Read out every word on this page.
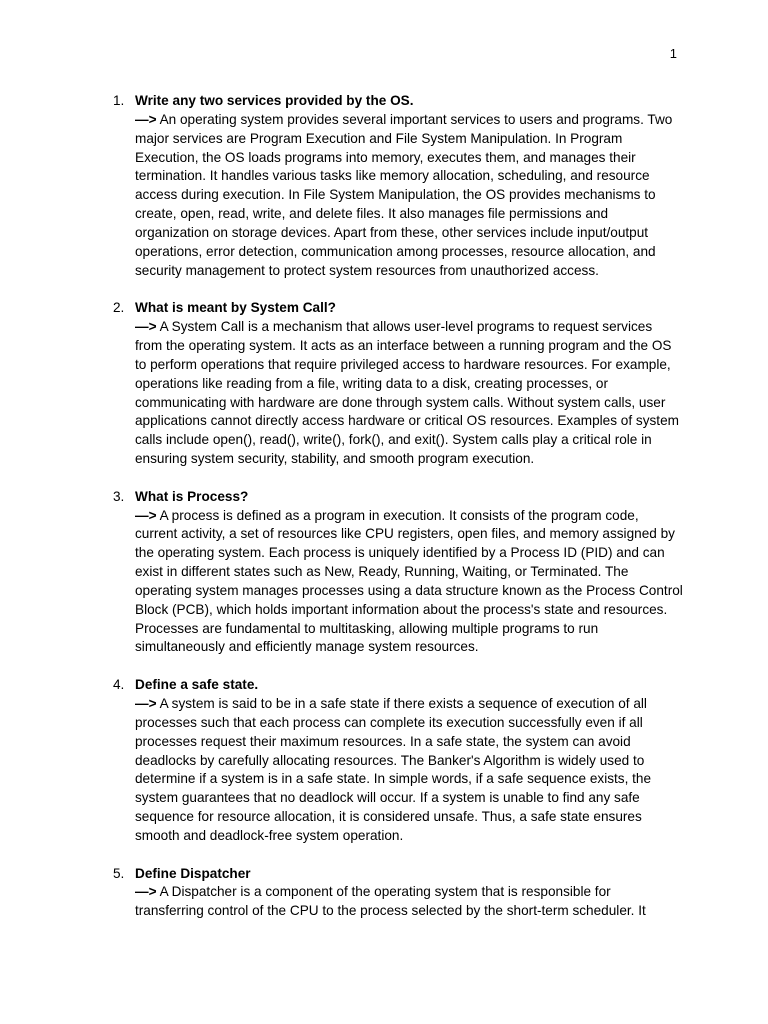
1
1. Write any two services provided by the OS.
—> An operating system provides several important services to users and programs. Two major services are Program Execution and File System Manipulation. In Program Execution, the OS loads programs into memory, executes them, and manages their termination. It handles various tasks like memory allocation, scheduling, and resource access during execution. In File System Manipulation, the OS provides mechanisms to create, open, read, write, and delete files. It also manages file permissions and organization on storage devices. Apart from these, other services include input/output operations, error detection, communication among processes, resource allocation, and security management to protect system resources from unauthorized access.
2. What is meant by System Call?
—> A System Call is a mechanism that allows user-level programs to request services from the operating system. It acts as an interface between a running program and the OS to perform operations that require privileged access to hardware resources. For example, operations like reading from a file, writing data to a disk, creating processes, or communicating with hardware are done through system calls. Without system calls, user applications cannot directly access hardware or critical OS resources. Examples of system calls include open(), read(), write(), fork(), and exit(). System calls play a critical role in ensuring system security, stability, and smooth program execution.
3. What is Process?
—> A process is defined as a program in execution. It consists of the program code, current activity, a set of resources like CPU registers, open files, and memory assigned by the operating system. Each process is uniquely identified by a Process ID (PID) and can exist in different states such as New, Ready, Running, Waiting, or Terminated. The operating system manages processes using a data structure known as the Process Control Block (PCB), which holds important information about the process's state and resources. Processes are fundamental to multitasking, allowing multiple programs to run simultaneously and efficiently manage system resources.
4. Define a safe state.
—> A system is said to be in a safe state if there exists a sequence of execution of all processes such that each process can complete its execution successfully even if all processes request their maximum resources. In a safe state, the system can avoid deadlocks by carefully allocating resources. The Banker's Algorithm is widely used to determine if a system is in a safe state. In simple words, if a safe sequence exists, the system guarantees that no deadlock will occur. If a system is unable to find any safe sequence for resource allocation, it is considered unsafe. Thus, a safe state ensures smooth and deadlock-free system operation.
5. Define Dispatcher
—> A Dispatcher is a component of the operating system that is responsible for transferring control of the CPU to the process selected by the short-term scheduler. It
